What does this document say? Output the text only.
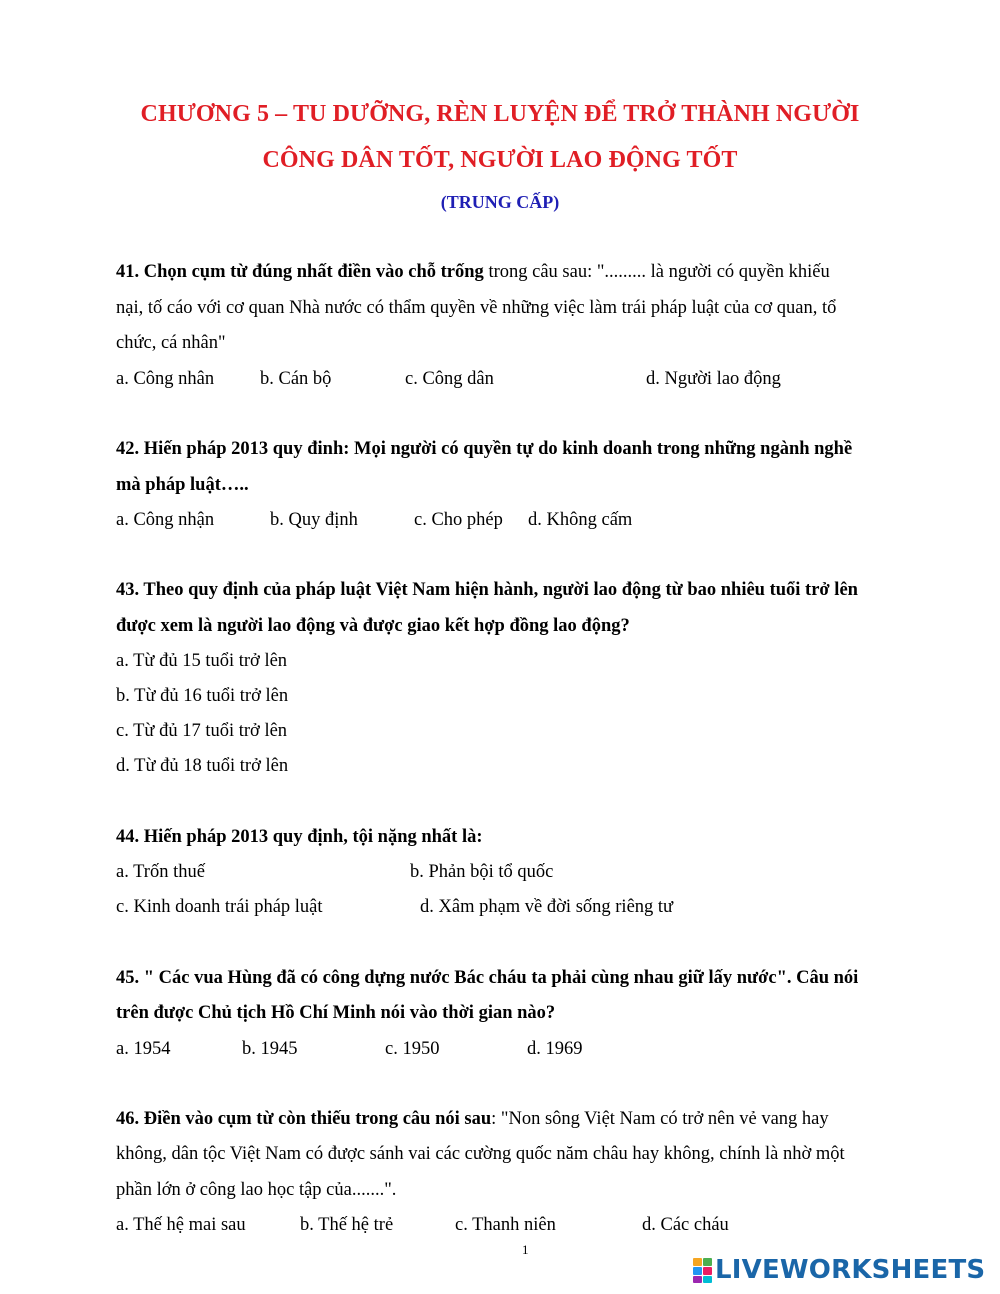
CHƯƠNG 5 – TU DƯỠNG, RÈN LUYỆN ĐỂ TRỞ THÀNH NGƯỜI
CÔNG DÂN TỐT, NGƯỜI LAO ĐỘNG TỐT
(TRUNG CẤP)
41. Chọn cụm từ đúng nhất điền vào chỗ trống trong câu sau: "......... là người có quyền khiếu
nại, tố cáo với cơ quan Nhà nước có thẩm quyền về những việc làm trái pháp luật của cơ quan, tổ
chức, cá nhân"
a. Công nhân b. Cán bộ	c. Công dân	d. Người lao động
42. Hiến pháp 2013 quy đinh: Mọi người có quyền tự do kinh doanh trong những ngành nghề
mà pháp luật…..
a. Công nhận	b. Quy định	c. Cho phép d. Không cấm
43. Theo quy định của pháp luật Việt Nam hiện hành, người lao động từ bao nhiêu tuổi trở lên
được xem là người lao động và được giao kết hợp đồng lao động?
a. Từ đủ 15 tuổi trở lên
b. Từ đủ 16 tuổi trở lên
c. Từ đủ 17 tuổi trở lên
d. Từ đủ 18 tuổi trở lên
44. Hiến pháp 2013 quy định, tội nặng nhất là:
a. Trốn thuế	b. Phản bội tổ quốc
c. Kinh doanh trái pháp luật	d. Xâm phạm về đời sống riêng tư
45. " Các vua Hùng đã có công dựng nước Bác cháu ta phải cùng nhau giữ lấy nước". Câu nói
trên được Chủ tịch Hồ Chí Minh nói vào thời gian nào?
a. 1954	b. 1945	c. 1950	d. 1969
46. Điền vào cụm từ còn thiếu trong câu nói sau: "Non sông Việt Nam có trở nên vẻ vang hay
không, dân tộc Việt Nam có được sánh vai các cường quốc năm châu hay không, chính là nhờ một
phần lớn ở công lao học tập của.......".
a. Thế hệ mai sau	b. Thế hệ trẻ	c. Thanh niên	d. Các cháu
1
LIVEWORKSHEETS
